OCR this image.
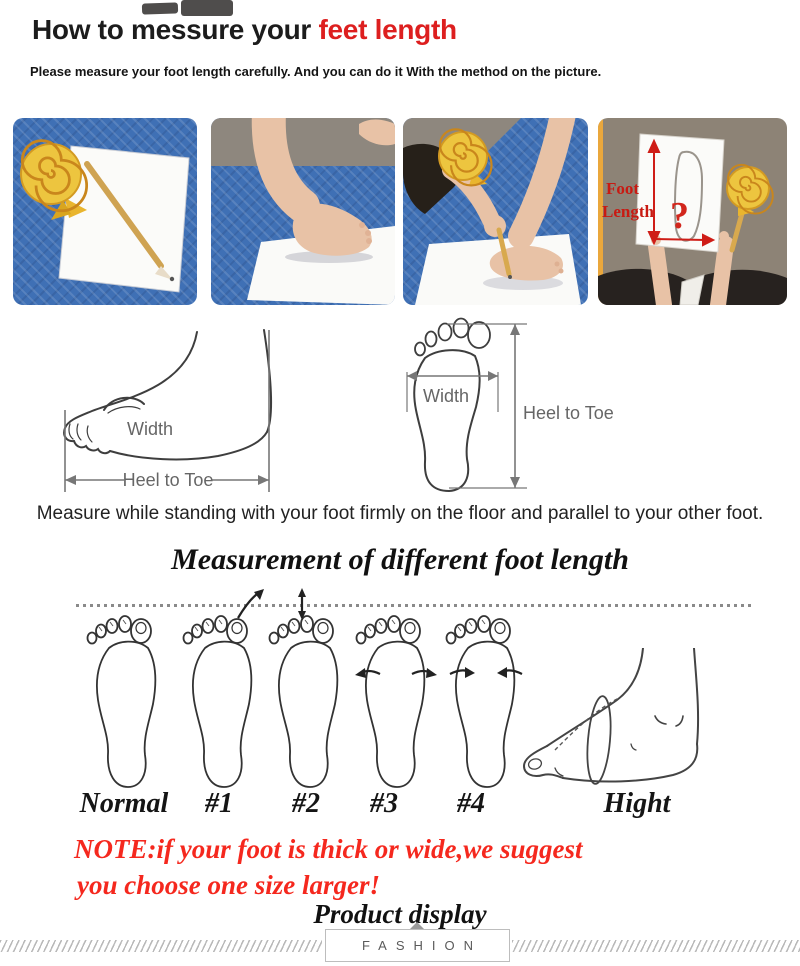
How to messure your feet length
Please measure your foot length carefully. And you can do it With the method on the picture.
Foot
Length ?
Width
Heel to Toe
Width
Heel to Toe
Measure while standing with your foot firmly on the floor and parallel to your other foot.
Measurement of different foot length
Normal	#1	#2	#3	#4	Hight
NOTE:if your foot is thick or wide,we suggest
you choose one size larger!
Product display
FASHION
